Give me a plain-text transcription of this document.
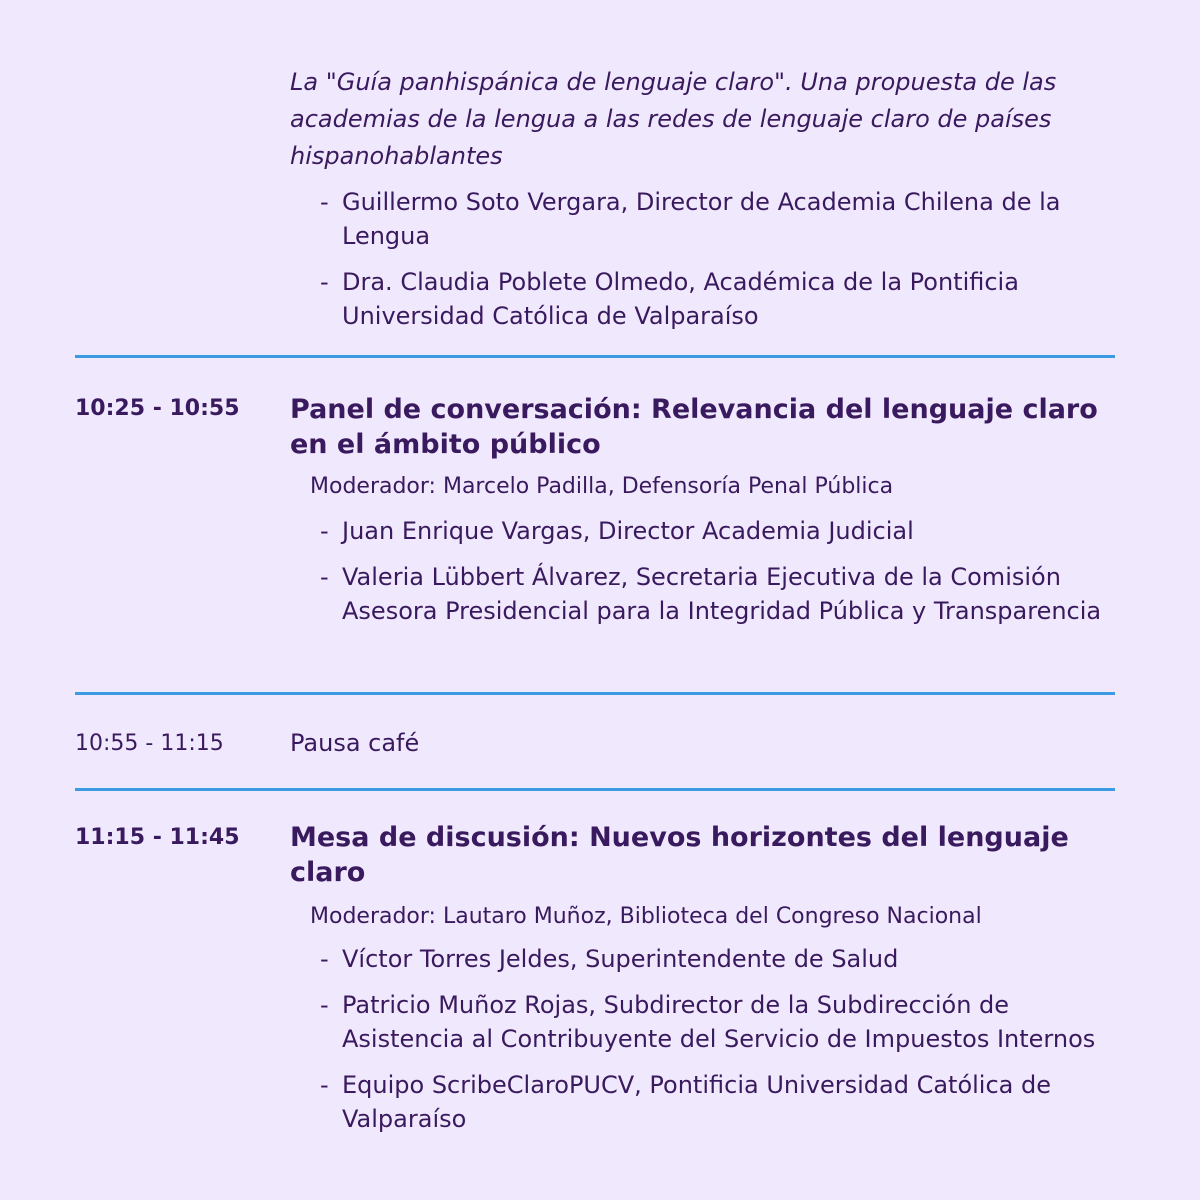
La "Guía panhispánica de lenguaje claro". Una propuesta de las academias de la lengua a las redes de lenguaje claro de países hispanohablantes

- Guillermo Soto Vergara, Director de Academia Chilena de la Lengua
- Dra. Claudia Poblete Olmedo, Académica de la Pontificia Universidad Católica de Valparaíso
10:25 - 10:55 Panel de conversación: Relevancia del lenguaje claro en el ámbito público

Moderador: Marcelo Padilla, Defensoría Penal Pública

- Juan Enrique Vargas, Director Academia Judicial
- Valeria Lübbert Álvarez, Secretaria Ejecutiva de la Comisión Asesora Presidencial para la Integridad Pública y Transparencia
10:55 - 11:15	Pausa café

11:15 - 11:45 Mesa de discusión: Nuevos horizontes del lenguaje claro

Moderador: Lautaro Muñoz, Biblioteca del Congreso Nacional

- Víctor Torres Jeldes, Superintendente de Salud
- Patricio Muñoz Rojas, Subdirector de la Subdirección de Asistencia al Contribuyente del Servicio de Impuestos Internos
- Equipo ScribeClaroPUCV, Pontificia Universidad Católica de Valparaíso
